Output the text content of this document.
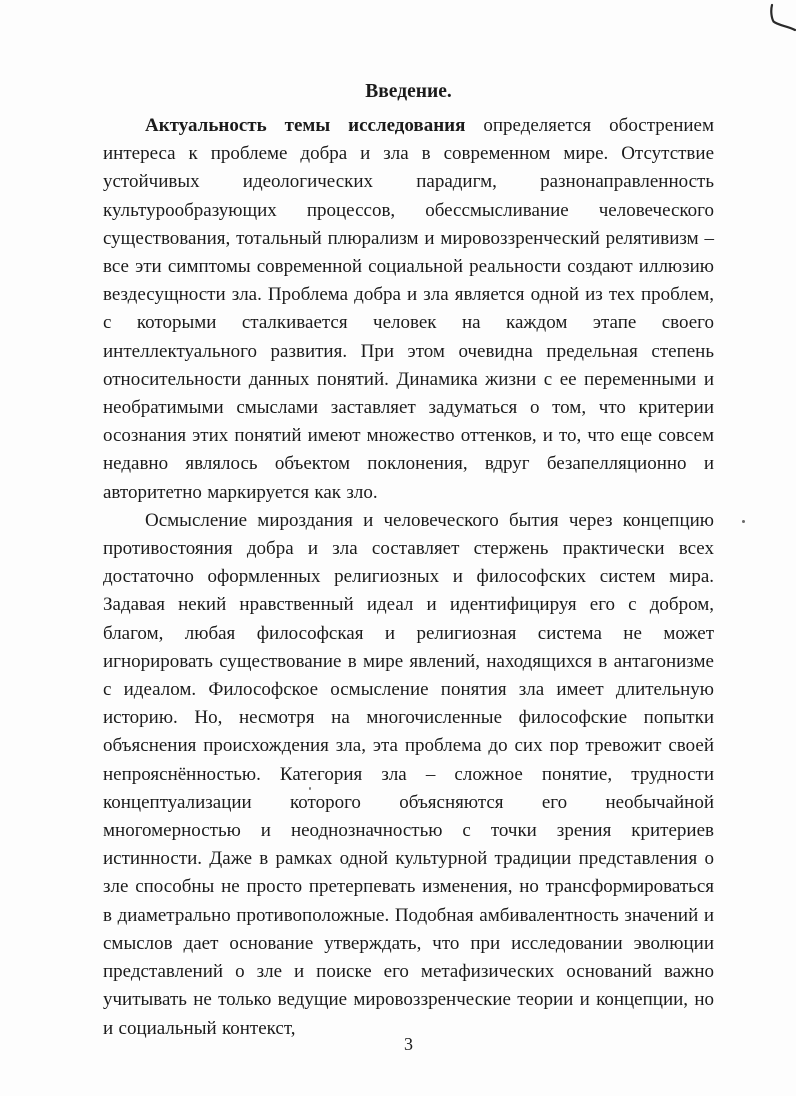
Введение.

Актуальность темы исследования определяется обострением интереса к проблеме добра и зла в современном мире. Отсутствие устойчивых идеологических парадигм, разнонаправленность культурообразующих процессов, обессмысливание человеческого существования, тотальный плюрализм и мировоззренческий релятивизм – все эти симптомы современной социальной реальности создают иллюзию вездесущности зла. Проблема добра и зла является одной из тех проблем, с которыми сталкивается человек на каждом этапе своего интеллектуального развития. При этом очевидна предельная степень относительности данных понятий. Динамика жизни с ее переменными и необратимыми смыслами заставляет задуматься о том, что критерии осознания этих понятий имеют множество оттенков, и то, что еще совсем недавно являлось объектом поклонения, вдруг безапелляционно и авторитетно маркируется как зло.

Осмысление мироздания и человеческого бытия через концепцию противостояния добра и зла составляет стержень практически всех достаточно оформленных религиозных и философских систем мира. Задавая некий нравственный идеал и идентифицируя его с добром, благом, любая философская и религиозная система не может игнорировать существование в мире явлений, находящихся в антагонизме с идеалом. Философское осмысление понятия зла имеет длительную историю. Но, несмотря на многочисленные философские попытки объяснения происхождения зла, эта проблема до сих пор тревожит своей непрояснённостью. Категория зла – сложное понятие, трудности концептуализации которого объясняются его необычайной многомерностью и неоднозначностью с точки зрения критериев истинности. Даже в рамках одной культурной традиции представления о зле способны не просто претерпевать изменения, но трансформироваться в диаметрально противоположные. Подобная амбивалентность значений и смыслов дает основание утверждать, что при исследовании эволюции представлений о зле и поиске его метафизических оснований важно учитывать не только ведущие мировоззренческие теории и концепции, но и социальный контекст,

3
